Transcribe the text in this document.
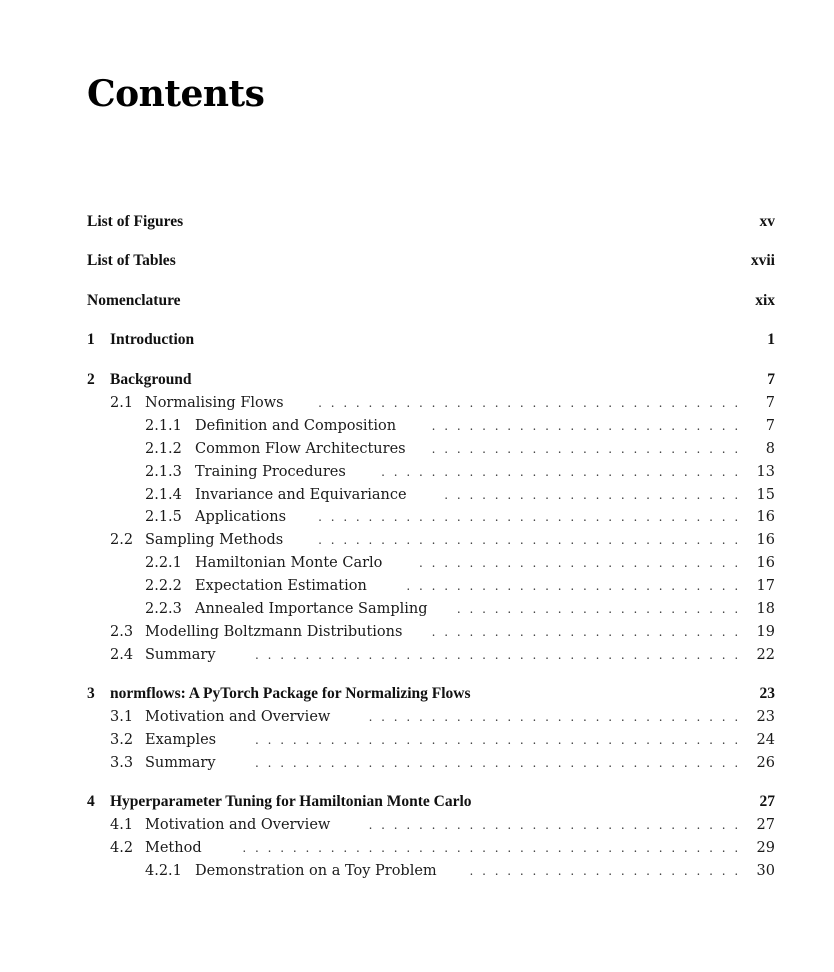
Contents
List of Figures	xv
List of Tables	xvii
Nomenclature	xix
1 Introduction	1
2 Background	7
2.1 Normalising Flows	.................................. 7
2.1.1 Definition and Composition	......................... 7
2.1.2 Common Flow Architectures	......................... 8
2.1.3 Training Procedures	............................. 13
2.1.4 Invariance and Equivariance	........................ 15
2.1.5 Applications	.................................. 16
2.2 Sampling Methods	.................................. 16
2.2.1 Hamiltonian Monte Carlo	.......................... 16
2.2.2 Expectation Estimation	........................... 17
2.2.3 Annealed Importance Sampling	....................... 18
2.3 Modelling Boltzmann Distributions	......................... 19
2.4 Summary	....................................... 22
3 normflows: A PyTorch Package for Normalizing Flows	23
3.1 Motivation and Overview	.............................. 23
3.2 Examples	....................................... 24
3.3 Summary	....................................... 26
4 Hyperparameter Tuning for Hamiltonian Monte Carlo	27
4.1 Motivation and Overview	.............................. 27
4.2 Method	........................................ 29
4.2.1 Demonstration on a Toy Problem	...................... 30
